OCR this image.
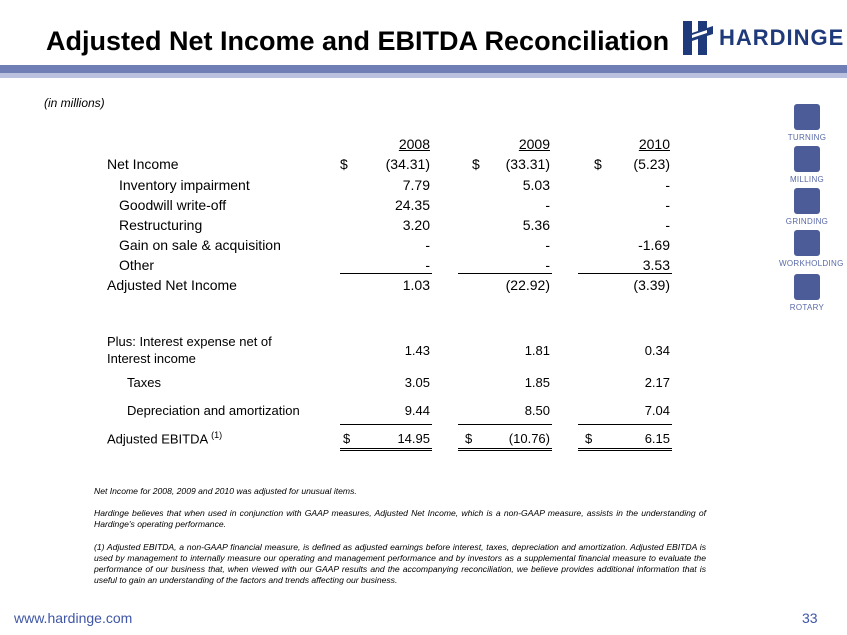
Adjusted Net Income and EBITDA Reconciliation HARDINGE
(in millions)
TURNING
MILLING
GRINDING
WORKHOLDING
ROTARY
2008	2009	2010
Net Income	$	(34.31)	$	(33.31)	$	(5.23)
Inventory impairment	7.79	5.03	-
Goodwill write-off	24.35	-	-
Restructuring	3.20	5.36	-
Gain on sale & acquisition	-	-	-1.69
Other	-	-	3.53
Adjusted Net Income	1.03	(22.92)	(3.39)
Plus: Interest expense net of
Interest income
1.43	1.81	0.34
Taxes	3.05	1.85	2.17
Depreciation and amortization	9.44	8.50	7.04
Adjusted EBITDA $^{(1)}$	$	14.95	$	(10.76)	$	6.15
Net Income for 2008, 2009 and 2010 was adjusted for unusual items.
Hardinge believes that when used in conjunction with GAAP measures, Adjusted Net Income, which is a non-GAAP measure, assists in the understanding of Hardinge's operating performance.
(1) Adjusted EBITDA, a non-GAAP financial measure, is defined as adjusted earnings before interest, taxes, depreciation and amortization. Adjusted EBITDA is used by management to internally measure our operating and management performance and by investors as a supplemental financial measure to evaluate the performance of our business that, when viewed with our GAAP results and the accompanying reconciliation, we believe provides additional information that is useful to gain an understanding of the factors and trends affecting our business.
www.hardinge.com	33
